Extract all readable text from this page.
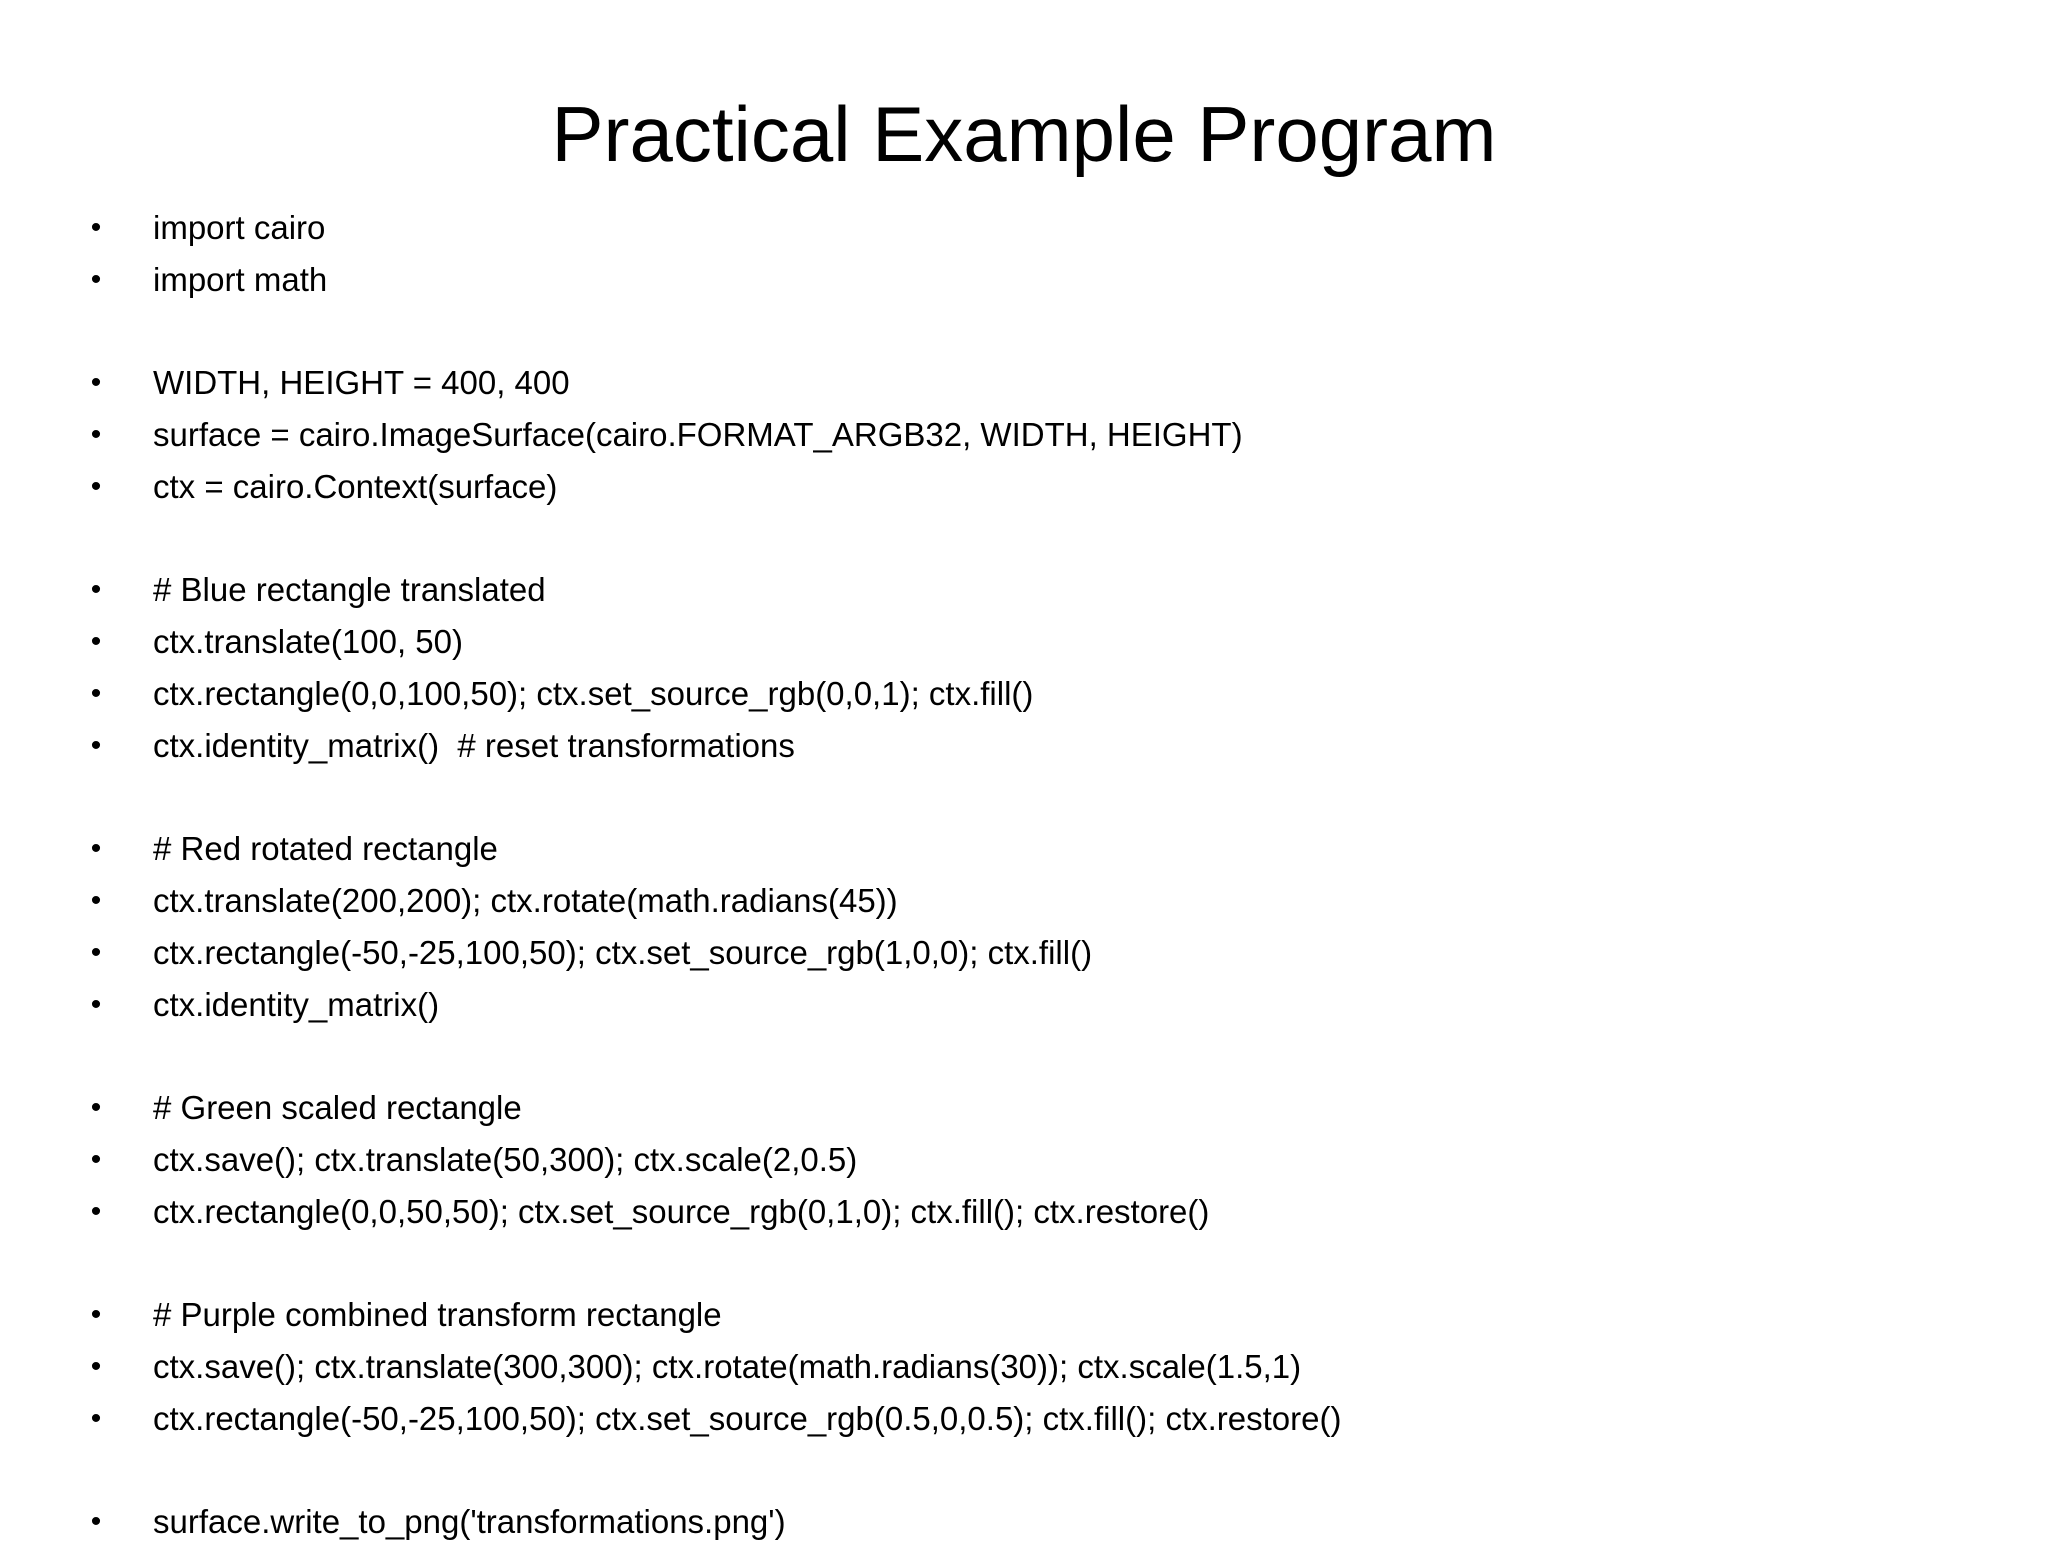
Practical Example Program
• import cairo
• import math
• WIDTH, HEIGHT = 400, 400
• surface = cairo.ImageSurface(cairo.FORMAT_ARGB32, WIDTH, HEIGHT)
• ctx = cairo.Context(surface)
• # Blue rectangle translated
• ctx.translate(100, 50)
• ctx.rectangle(0,0,100,50); ctx.set_source_rgb(0,0,1); ctx.fill()
• ctx.identity_matrix()  # reset transformations
• # Red rotated rectangle
• ctx.translate(200,200); ctx.rotate(math.radians(45))
• ctx.rectangle(-50,-25,100,50); ctx.set_source_rgb(1,0,0); ctx.fill()
• ctx.identity_matrix()
• # Green scaled rectangle
• ctx.save(); ctx.translate(50,300); ctx.scale(2,0.5)
• ctx.rectangle(0,0,50,50); ctx.set_source_rgb(0,1,0); ctx.fill(); ctx.restore()
• # Purple combined transform rectangle
• ctx.save(); ctx.translate(300,300); ctx.rotate(math.radians(30)); ctx.scale(1.5,1)
• ctx.rectangle(-50,-25,100,50); ctx.set_source_rgb(0.5,0,0.5); ctx.fill(); ctx.restore()
• surface.write_to_png('transformations.png')
